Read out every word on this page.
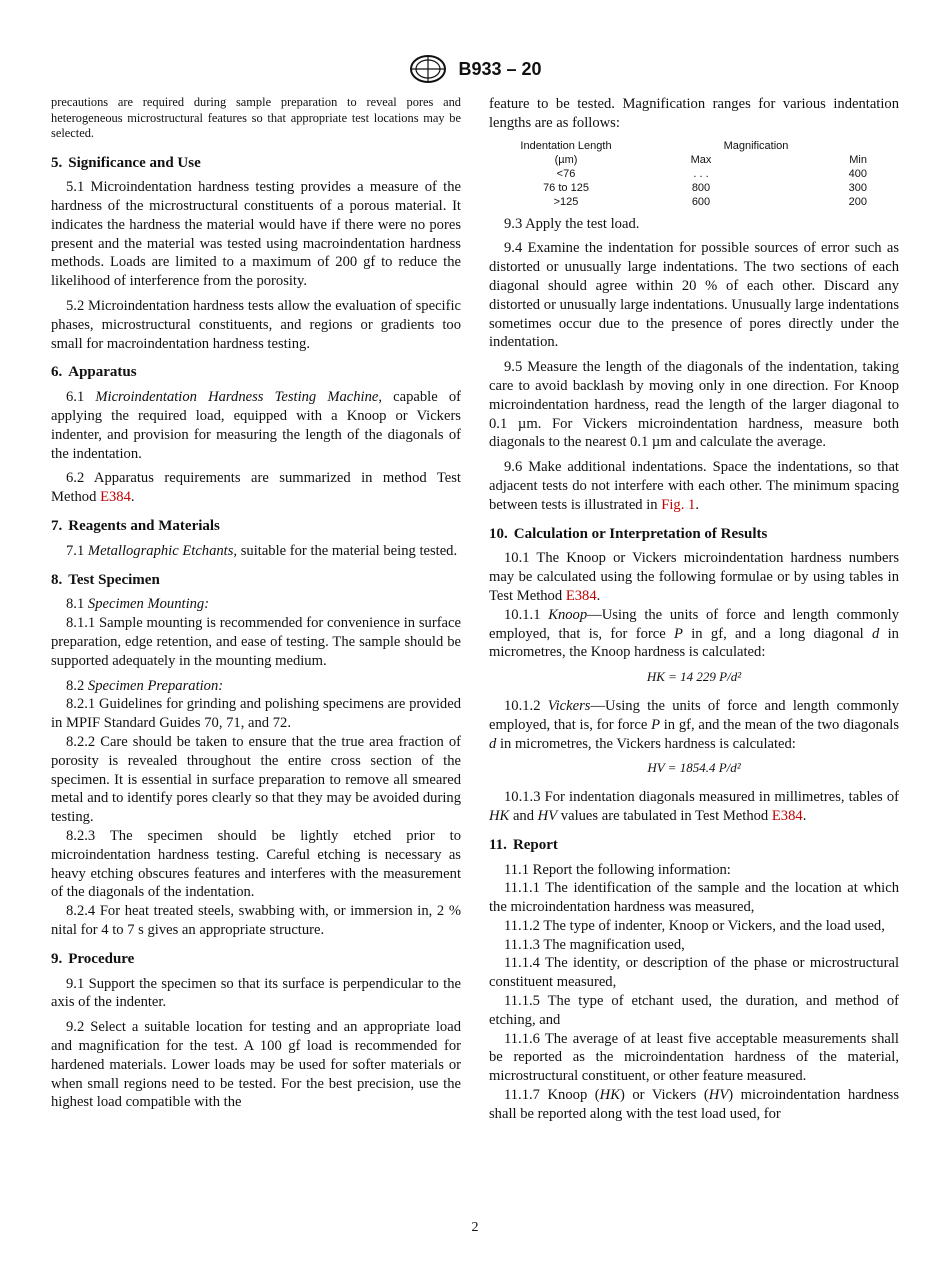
B933 – 20

precautions are required during sample preparation to reveal pores and heterogeneous microstructural features so that appropriate test locations may be selected.

5. Significance and Use

5.1 Microindentation hardness testing provides a measure of the hardness of the microstructural constituents of a porous material. It indicates the hardness the material would have if there were no pores present and the material was tested using macroindentation hardness methods. Loads are limited to a maximum of 200 gf to reduce the likelihood of interference from the porosity.

5.2 Microindentation hardness tests allow the evaluation of specific phases, microstructural constituents, and regions or gradients too small for macroindentation hardness testing.

6. Apparatus

6.1 Microindentation Hardness Testing Machine, capable of applying the required load, equipped with a Knoop or Vickers indenter, and provision for measuring the length of the diagonals of the indentation.

6.2 Apparatus requirements are summarized in method Test Method E384.

7. Reagents and Materials

7.1 Metallographic Etchants, suitable for the material being tested.

8. Test Specimen

8.1 Specimen Mounting:

8.1.1 Sample mounting is recommended for convenience in surface preparation, edge retention, and ease of testing. The sample should be supported adequately in the mounting medium.

8.2 Specimen Preparation:

8.2.1 Guidelines for grinding and polishing specimens are provided in MPIF Standard Guides 70, 71, and 72.

8.2.2 Care should be taken to ensure that the true area fraction of porosity is revealed throughout the entire cross section of the specimen. It is essential in surface preparation to remove all smeared metal and to identify pores clearly so that they may be avoided during testing.

8.2.3 The specimen should be lightly etched prior to microindentation hardness testing. Careful etching is necessary as heavy etching obscures features and interferes with the measurement of the diagonals of the indentation.

8.2.4 For heat treated steels, swabbing with, or immersion in, 2 % nital for 4 to 7 s gives an appropriate structure.

9. Procedure

9.1 Support the specimen so that its surface is perpendicular to the axis of the indenter.

9.2 Select a suitable location for testing and an appropriate load and magnification for the test. A 100 gf load is recommended for hardened materials. Lower loads may be used for softer materials or when small regions need to be tested. For the best precision, use the highest load compatible with the

feature to be tested. Magnification ranges for various indentation lengths are as follows:

Indentation Length	Magnification	
(µm)	Max	Min
<76	. . .	400
76 to 125	800	300
>125	600	200

9.3 Apply the test load.

9.4 Examine the indentation for possible sources of error such as distorted or unusually large indentations. The two sections of each diagonal should agree within 20 % of each other. Discard any distorted or unusually large indentations. Unusually large indentations sometimes occur due to the presence of pores directly under the indentation.

9.5 Measure the length of the diagonals of the indentation, taking care to avoid backlash by moving only in one direction. For Knoop microindentation hardness, read the length of the larger diagonal to 0.1 µm. For Vickers microindentation hardness, measure both diagonals to the nearest 0.1 µm and calculate the average.

9.6 Make additional indentations. Space the indentations, so that adjacent tests do not interfere with each other. The minimum spacing between tests is illustrated in Fig. 1.

10. Calculation or Interpretation of Results

10.1 The Knoop or Vickers microindentation hardness numbers may be calculated using the following formulae or by using tables in Test Method E384.

10.1.1 Knoop—Using the units of force and length commonly employed, that is, for force P in gf, and a long diagonal d in micrometres, the Knoop hardness is calculated:

HK = 14 229 P/d²

10.1.2 Vickers—Using the units of force and length commonly employed, that is, for force P in gf, and the mean of the two diagonals d in micrometres, the Vickers hardness is calculated:

HV = 1854.4 P/d²

10.1.3 For indentation diagonals measured in millimetres, tables of HK and HV values are tabulated in Test Method E384.

11. Report

11.1 Report the following information:

11.1.1 The identification of the sample and the location at which the microindentation hardness was measured,

11.1.2 The type of indenter, Knoop or Vickers, and the load used,

11.1.3 The magnification used,

11.1.4 The identity, or description of the phase or microstructural constituent measured,

11.1.5 The type of etchant used, the duration, and method of etching, and

11.1.6 The average of at least five acceptable measurements shall be reported as the microindentation hardness of the material, microstructural constituent, or other feature measured.

11.1.7 Knoop (HK) or Vickers (HV) microindentation hardness shall be reported along with the test load used, for

2
